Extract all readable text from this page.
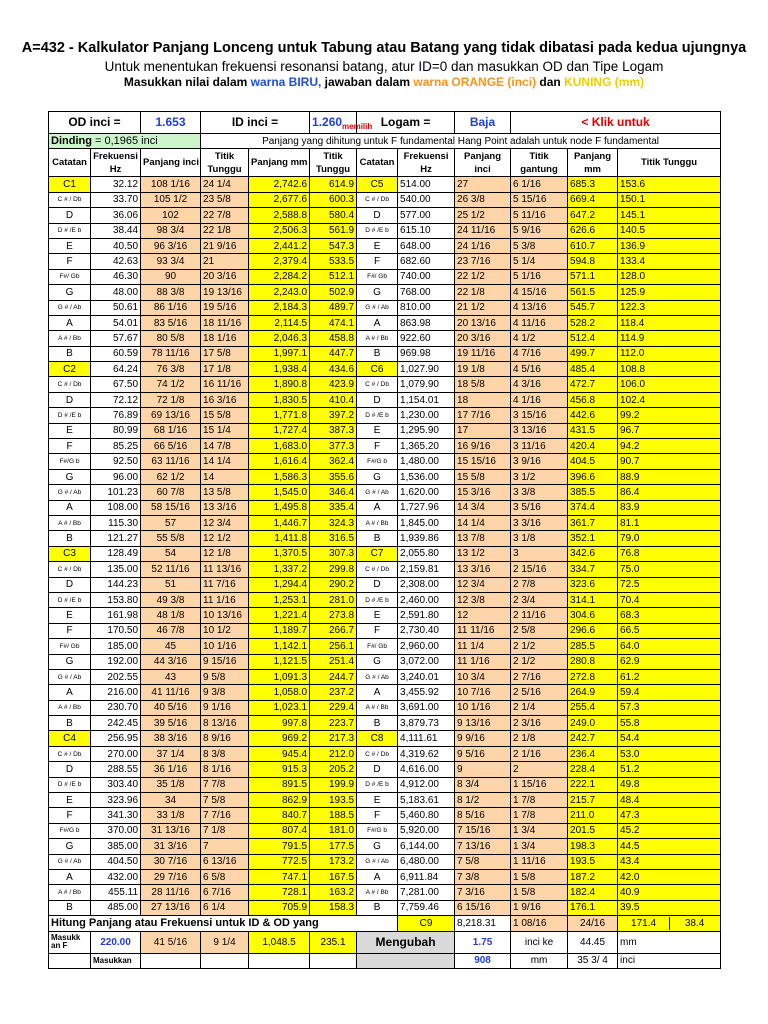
A=432 - Kalkulator Panjang Lonceng untuk Tabung atau Batang yang tidak dibatasi pada kedua ujungnya
Untuk menentukan frekuensi resonansi batang, atur ID=0 dan masukkan OD dan Tipe Logam
Masukkan nilai dalam warna BIRU, jawaban dalam warna ORANGE (inci) dan KUNING (mm)
OD inci =		1.653	ID inci =		1.260 memilih	Logam =		Baja	< Klik untuk		
Dinding = 0,1965 inci			Panjang yang dihitung untuk F fundamental Hang Point adalah untuk node F fundamental								
Catatan	Frekuensi Hz	Panjang inci	Titik Tunggu	Panjang mm	Titik Tunggu	Catatan	Frekuensi Hz	Panjang inci	Titik gantung	Panjang mm	Titik Tunggu
C1	32.12	108 1/16	24 1/4	2,742.6	614.9	C5	514.00	27	6 1/16	685.3	153.6
C # / Db	33.70	105 1/2	23 5/8	2,677.6	600.3	C # / Db	540.00	26 3/8	5 15/16	669.4	150.1
D	36.06	102	22 7/8	2,588.8	580.4	D	577.00	25 1/2	5 11/16	647.2	145.1
D # /E b	38.44	98 3/4	22 1/8	2,506.3	561.9	D # /E b	615.10	24 11/16	5 9/16	626.6	140.5
E	40.50	96 3/16	21 9/16	2,441.2	547.3	E	648.00	24 1/16	5 3/8	610.7	136.9
F	42.63	93 3/4	21	2,379.4	533.5	F	682.60	23 7/16	5 1/4	594.8	133.4
F#/ Gb	46.30	90	20 3/16	2,284.2	512.1	F#/ Gb	740.00	22 1/2	5 1/16	571.1	128.0
G	48.00	88 3/8	19 13/16	2,243.0	502.9	G	768.00	22 1/8	4 15/16	561.5	125.9
G # / Ab	50.61	86 1/16	19 5/16	2,184.3	489.7	G # / Ab	810.00	21 1/2	4 13/16	545.7	122.3
A	54.01	83 5/16	18 11/16	2,114.5	474.1	A	863.98	20 13/16	4 11/16	528.2	118.4
A # / Bb	57.67	80 5/8	18 1/16	2,046.3	458.8	A # / Bb	922.60	20 3/16	4 1/2	512.4	114.9
B	60.59	78 11/16	17 5/8	1,997.1	447.7	B	969.98	19 11/16	4 7/16	499.7	112.0
C2	64.24	76 3/8	17 1/8	1,938.4	434.6	C6	1,027.90	19 1/8	4 5/16	485.4	108.8
C # / Db	67.50	74 1/2	16 11/16	1,890.8	423.9	C # / Db	1,079.90	18 5/8	4 3/16	472.7	106.0
D	72.12	72 1/8	16 3/16	1,830.5	410.4	D	1,154.01	18	4 1/16	456.8	102.4
D # /E b	76.89	69 13/16	15 5/8	1,771.8	397.2	D # /E b	1,230.00	17 7/16	3 15/16	442.6	99.2
E	80.99	68 1/16	15 1/4	1,727.4	387.3	E	1,295.90	17	3 13/16	431.5	96.7
F	85.25	66 5/16	14 7/8	1,683.0	377.3	F	1,365.20	16 9/16	3 11/16	420.4	94.2
F#/G b	92.50	63 11/16	14 1/4	1,616.4	362.4	F#/G b	1,480.00	15 15/16	3 9/16	404.5	90.7
G	96.00	62 1/2	14	1,586.3	355.6	G	1,536.00	15 5/8	3 1/2	396.6	88.9
G # / Ab	101.23	60 7/8	13 5/8	1,545.0	346.4	G # / Ab	1,620.00	15 3/16	3 3/8	385.5	86.4
A	108.00	58 15/16	13 3/16	1,495.8	335.4	A	1,727.96	14 3/4	3 5/16	374.4	83.9
A # / Bb	115.30	57	12 3/4	1,446.7	324.3	A # / Bb	1,845.00	14 1/4	3 3/16	361.7	81.1
B	121.27	55 5/8	12 1/2	1,411.8	316.5	B	1,939.86	13 7/8	3 1/8	352.1	79.0
C3	128.49	54	12 1/8	1,370.5	307.3	C7	2,055.80	13 1/2	3	342.6	76.8
C # / Db	135.00	52 11/16	11 13/16	1,337.2	299.8	C # / Db	2,159.81	13 3/16	2 15/16	334.7	75.0
D	144.23	51	11 7/16	1,294.4	290.2	D	2,308.00	12 3/4	2 7/8	323.6	72.5
D # /E b	153.80	49 3/8	11 1/16	1,253.1	281.0	D # /E b	2,460.00	12 3/8	2 3/4	314.1	70.4
E	161.98	48 1/8	10 13/16	1,221.4	273.8	E	2,591.80	12	2 11/16	304.6	68.3
F	170.50	46 7/8	10 1/2	1,189.7	266.7	F	2,730.40	11 11/16	2 5/8	296.6	66.5
F#/ Gb	185.00	45	10 1/16	1,142.1	256.1	F#/ Gb	2,960.00	11 1/4	2 1/2	285.5	64.0
G	192.00	44 3/16	9 15/16	1,121.5	251.4	G	3,072.00	11 1/16	2 1/2	280.8	62.9
G # / Ab	202.55	43	9 5/8	1,091.3	244.7	G # / Ab	3,240.01	10 3/4	2 7/16	272.8	61.2
A	216.00	41 11/16	9 3/8	1,058.0	237.2	A	3,455.92	10 7/16	2 5/16	264.9	59.4
A # / Bb	230.70	40 5/16	9 1/16	1,023.1	229.4	A # / Bb	3,691.00	10 1/16	2 1/4	255.4	57.3
B	242.45	39 5/16	8 13/16	997.8	223.7	B	3,879.73	9 13/16	2 3/16	249.0	55.8
C4	256.95	38 3/16	8 9/16	969.2	217.3	C8	4,111.61	9 9/16	2 1/8	242.7	54.4
C # / Db	270.00	37 1/4	8 3/8	945.4	212.0	C # / Db	4,319.62	9 5/16	2 1/16	236.4	53.0
D	288.55	36 1/16	8 1/16	915.3	205.2	D	4,616.00	9	2	228.4	51.2
D # /E b	303.40	35 1/8	7 7/8	891.5	199.9	D # /E b	4,912.00	8 3/4	1 15/16	222.1	49.8
E	323.96	34	7 5/8	862.9	193.5	E	5,183.61	8 1/2	1 7/8	215.7	48.4
F	341.30	33 1/8	7 7/16	840.7	188.5	F	5,460.80	8 5/16	1 7/8	211.0	47.3
F#/G b	370.00	31 13/16	7 1/8	807.4	181.0	F#/G b	5,920.00	7 15/16	1 3/4	201.5	45.2
G	385.00	31 3/16	7	791.5	177.5	G	6,144.00	7 13/16	1 3/4	198.3	44.5
G # / Ab	404.50	30 7/16	6 13/16	772.5	173.2	G # / Ab	6,480.00	7 5/8	1 11/16	193.5	43.4
A	432.00	29 7/16	6 5/8	747.1	167.5	A	6,911.84	7 3/8	1 5/8	187.2	42.0
A # / Bb	455.11	28 11/16	6 7/16	728.1	163.2	A # / Bb	7,281.00	7 3/16	1 5/8	182.4	40.9
B	485.00	27 13/16	6 1/4	705.9	158.3	B	7,759.46	6 15/16	1 9/16	176.1	39.5
Hitung Panjang atau Frekuensi untuk ID & OD yang							C9	8,218.31	1 08/16	24/16	171.4 38.4
Masukk an F	220.00	41 5/16	9 1/4	1,048.5	235.1	Mengubah		1.75	inci ke	44.45	mm
	Masukkan							908	mm	35 3/ 4	inci
